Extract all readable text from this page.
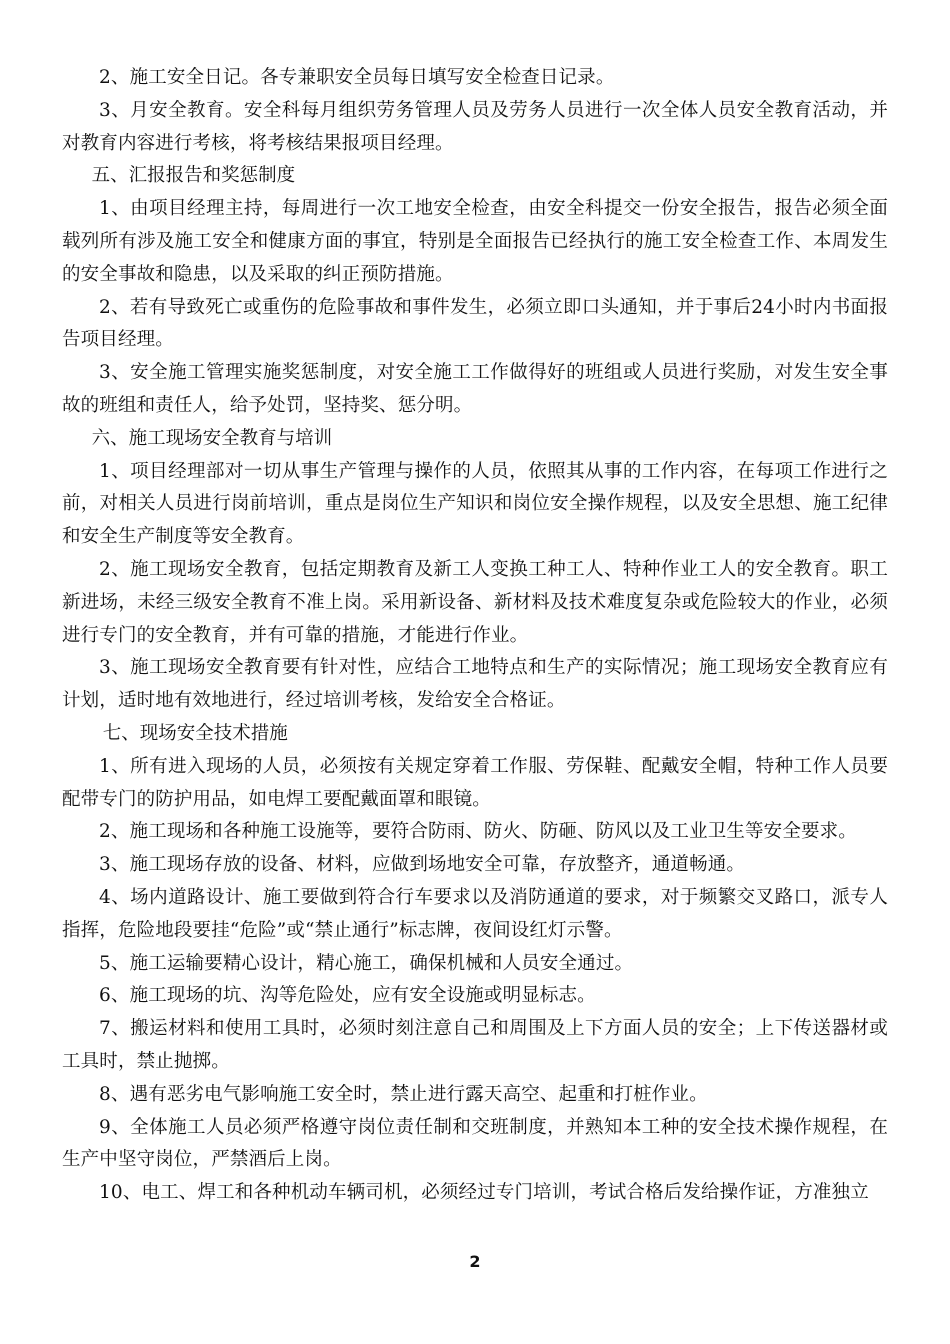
2、施工安全日记。各专兼职安全员每日填写安全检查日记录。

3、月安全教育。安全科每月组织劳务管理人员及劳务人员进行一次全体人员安全教育活动，并对教育内容进行考核，将考核结果报项目经理。

五、汇报报告和奖惩制度

1、由项目经理主持，每周进行一次工地安全检查，由安全科提交一份安全报告，报告必须全面载列所有涉及施工安全和健康方面的事宜，特别是全面报告已经执行的施工安全检查工作、本周发生的安全事故和隐患，以及采取的纠正预防措施。

2、若有导致死亡或重伤的危险事故和事件发生，必须立即口头通知，并于事后24小时内书面报告项目经理。

3、安全施工管理实施奖惩制度，对安全施工工作做得好的班组或人员进行奖励，对发生安全事故的班组和责任人，给予处罚，坚持奖、惩分明。

六、施工现场安全教育与培训

1、项目经理部对一切从事生产管理与操作的人员，依照其从事的工作内容，在每项工作进行之前，对相关人员进行岗前培训，重点是岗位生产知识和岗位安全操作规程，以及安全思想、施工纪律和安全生产制度等安全教育。

2、施工现场安全教育，包括定期教育及新工人变换工种工人、特种作业工人的安全教育。职工新进场，未经三级安全教育不准上岗。采用新设备、新材料及技术难度复杂或危险较大的作业，必须进行专门的安全教育，并有可靠的措施，才能进行作业。

3、施工现场安全教育要有针对性，应结合工地特点和生产的实际情况；施工现场安全教育应有计划，适时地有效地进行，经过培训考核，发给安全合格证。

七、现场安全技术措施

1、所有进入现场的人员，必须按有关规定穿着工作服、劳保鞋、配戴安全帽，特种工作人员要配带专门的防护用品，如电焊工要配戴面罩和眼镜。

2、施工现场和各种施工设施等，要符合防雨、防火、防砸、防风以及工业卫生等安全要求。

3、施工现场存放的设备、材料，应做到场地安全可靠，存放整齐，通道畅通。

4、场内道路设计、施工要做到符合行车要求以及消防通道的要求，对于频繁交叉路口，派专人指挥，危险地段要挂“危险”或“禁止通行”标志牌，夜间设红灯示警。

5、施工运输要精心设计，精心施工，确保机械和人员安全通过。

6、施工现场的坑、沟等危险处，应有安全设施或明显标志。

7、搬运材料和使用工具时，必须时刻注意自己和周围及上下方面人员的安全；上下传送器材或工具时，禁止抛掷。

8、遇有恶劣电气影响施工安全时，禁止进行露天高空、起重和打桩作业。

9、全体施工人员必须严格遵守岗位责任制和交班制度，并熟知本工种的安全技术操作规程，在生产中坚守岗位，严禁酒后上岗。

10、电工、焊工和各种机动车辆司机，必须经过专门培训，考试合格后发给操作证，方准独立

2
